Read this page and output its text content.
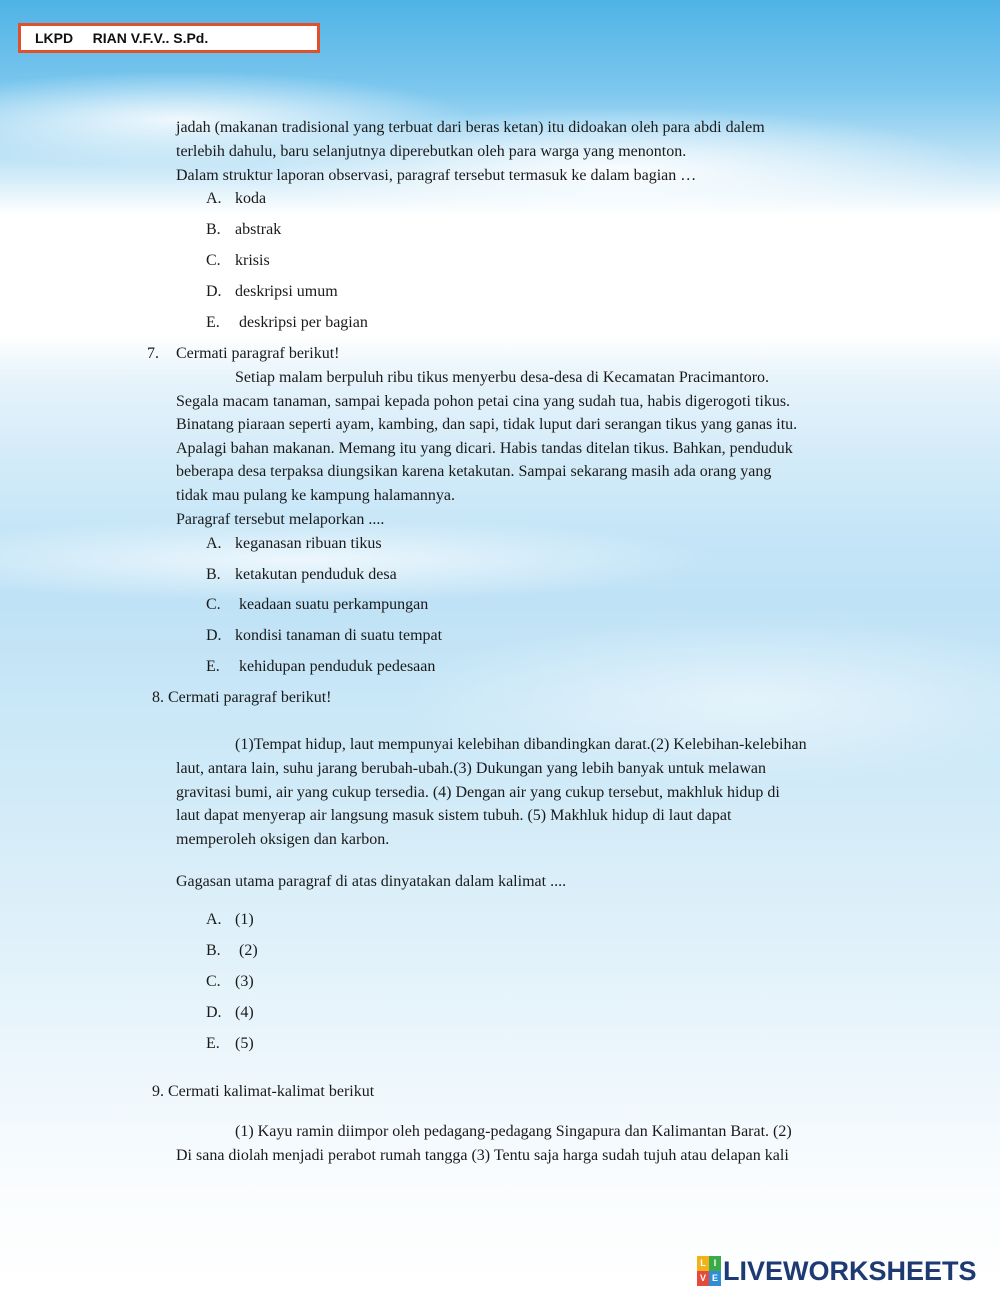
LKPD RIAN V.F.V.. S.Pd.
jadah (makanan tradisional yang terbuat dari beras ketan) itu didoakan oleh para abdi dalem
terlebih dahulu, baru selanjutnya diperebutkan oleh para warga yang menonton.
Dalam struktur laporan observasi, paragraf tersebut termasuk ke dalam bagian …
A. koda
B. abstrak
C. krisis
D. deskripsi umum
E. deskripsi per bagian
7. Cermati paragraf berikut!
Setiap malam berpuluh ribu tikus menyerbu desa-desa di Kecamatan Pracimantoro.
Segala macam tanaman, sampai kepada pohon petai cina yang sudah tua, habis digerogoti tikus.
Binatang piaraan seperti ayam, kambing, dan sapi, tidak luput dari serangan tikus yang ganas itu.
Apalagi bahan makanan. Memang itu yang dicari. Habis tandas ditelan tikus. Bahkan, penduduk
beberapa desa terpaksa diungsikan karena ketakutan. Sampai sekarang masih ada orang yang
tidak mau pulang ke kampung halamannya.
Paragraf tersebut melaporkan ....
A. keganasan ribuan tikus
B. ketakutan penduduk desa
C. keadaan suatu perkampungan
D. kondisi tanaman di suatu tempat
E. kehidupan penduduk pedesaan
8. Cermati paragraf berikut!
(1)Tempat hidup, laut mempunyai kelebihan dibandingkan darat.(2) Kelebihan-kelebihan
laut, antara lain, suhu jarang berubah-ubah.(3) Dukungan yang lebih banyak untuk melawan
gravitasi bumi, air yang cukup tersedia. (4) Dengan air yang cukup tersebut, makhluk hidup di
laut dapat menyerap air langsung masuk sistem tubuh. (5) Makhluk hidup di laut dapat
memperoleh oksigen dan karbon.
Gagasan utama paragraf di atas dinyatakan dalam kalimat ....
A. (1)
B. (2)
C. (3)
D. (4)
E. (5)
9. Cermati kalimat-kalimat berikut
(1) Kayu ramin diimpor oleh pedagang-pedagang Singapura dan Kalimantan Barat. (2)
Di sana diolah menjadi perabot rumah tangga (3) Tentu saja harga sudah tujuh atau delapan kali
L I
V E LIVEWORKSHEETS
